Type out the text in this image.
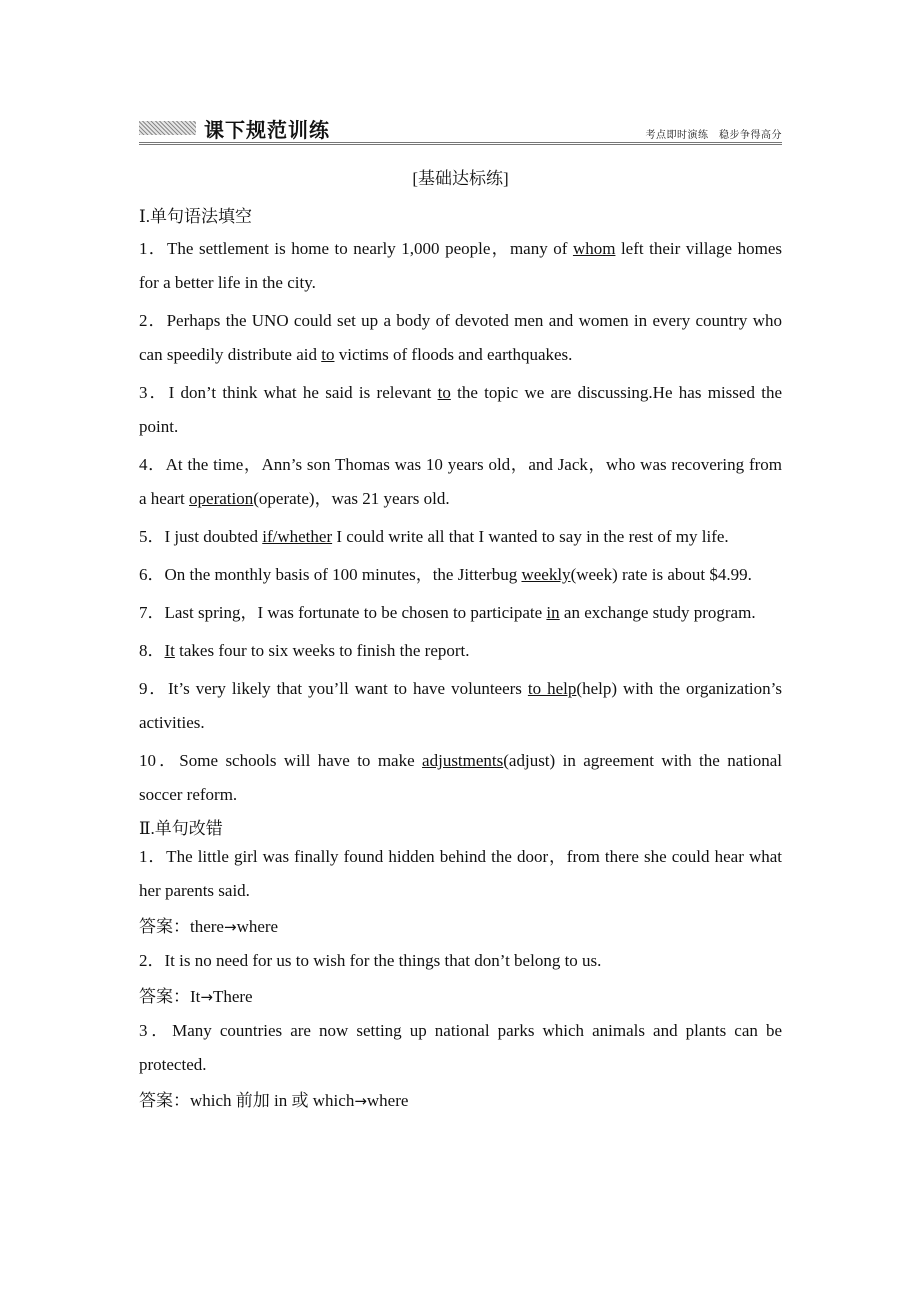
课下规范训练	考点即时演练　稳步争得高分
[基础达标练]
Ⅰ.单句语法填空
1．The settlement is home to nearly 1,000 people，many of whom left their village homes for a better life in the city.
2．Perhaps the UNO could set up a body of devoted men and women in every country who can speedily distribute aid to victims of floods and earthquakes.
3．I don’t think what he said is relevant to the topic we are discussing.He has missed the point.
4．At the time，Ann’s son Thomas was 10 years old，and Jack，who was recovering from a heart operation(operate)，was 21 years old.
5．I just doubted if/whether I could write all that I wanted to say in the rest of my life.
6．On the monthly basis of 100 minutes，the Jitterbug weekly(week) rate is about $4.99.
7．Last spring，I was fortunate to be chosen to participate in an exchange study program.
8．It takes four to six weeks to finish the report.
9．It’s very likely that you’ll want to have volunteers to help(help) with the organization’s activities.
10．Some schools will have to make adjustments(adjust) in agreement with the national soccer reform.
Ⅱ.单句改错
1．The little girl was finally found hidden behind the door，from there she could hear what her parents said.
答案：there→where
2．It is no need for us to wish for the things that don’t belong to us.
答案：It→There
3．Many countries are now setting up national parks which animals and plants can be protected.
答案：which 前加 in 或 which→where
